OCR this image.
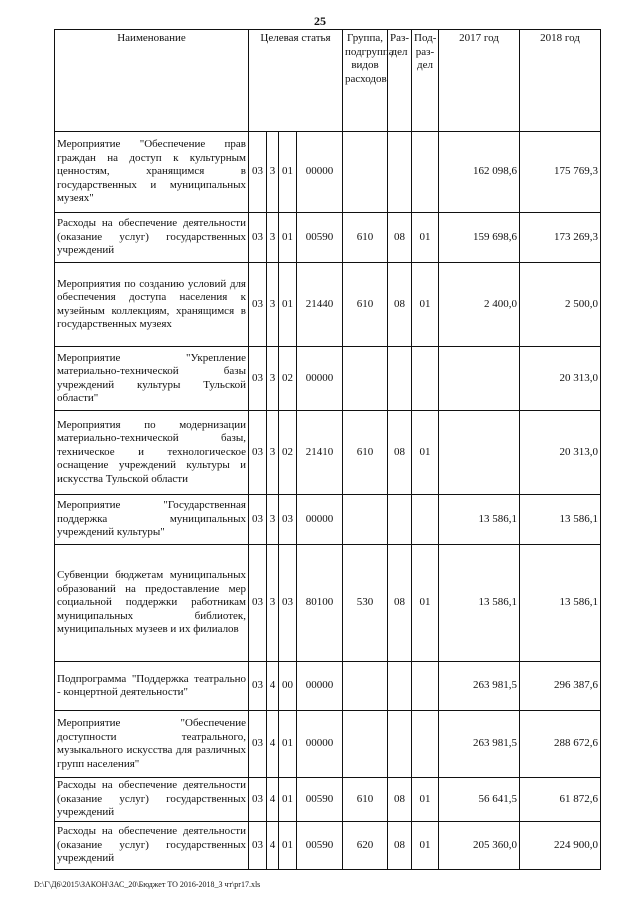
25
Наименование	Целевая статья				Группа, подгруппа видов расходов	Раз-дел	Под-раз-дел	2017 год	2018 год
Мероприятие "Обеспечение прав граждан на доступ к культурным ценностям, хранящимся в государственных и муниципальных музеях"	03	3	01	00000				162 098,6	175 769,3
Расходы на обеспечение деятельности (оказание услуг) государственных учреждений	03	3	01	00590	610	08	01	159 698,6	173 269,3
Мероприятия по созданию условий для обеспечения доступа населения к музейным коллекциям, хранящимся в государственных музеях	03	3	01	21440	610	08	01	2 400,0	2 500,0
Мероприятие "Укрепление материально-технической базы учреждений культуры Тульской области"	03	3	02	00000					20 313,0
Мероприятия по модернизации материально-технической базы, техническое и технологическое оснащение учреждений культуры и искусства Тульской области	03	3	02	21410	610	08	01		20 313,0
Мероприятие "Государственная поддержка муниципальных учреждений культуры"	03	3	03	00000				13 586,1	13 586,1
Субвенции бюджетам муниципальных образований на предоставление мер социальной поддержки работникам муниципальных библиотек, муниципальных музеев и их филиалов	03	3	03	80100	530	08	01	13 586,1	13 586,1
Подпрограмма "Поддержка театрально - концертной деятельности"	03	4	00	00000				263 981,5	296 387,6
Мероприятие "Обеспечение доступности театрального, музыкального искусства для различных групп населения"	03	4	01	00000				263 981,5	288 672,6
Расходы на обеспечение деятельности (оказание услуг) государственных учреждений	03	4	01	00590	610	08	01	56 641,5	61 872,6
Расходы на обеспечение деятельности (оказание услуг) государственных учреждений	03	4	01	00590	620	08	01	205 360,0	224 900,0
D:\Г\Д6\2015\ЗАКОН\ЗАС_20\Бюджет ТО 2016-2018_3 чт\pr17.xls
